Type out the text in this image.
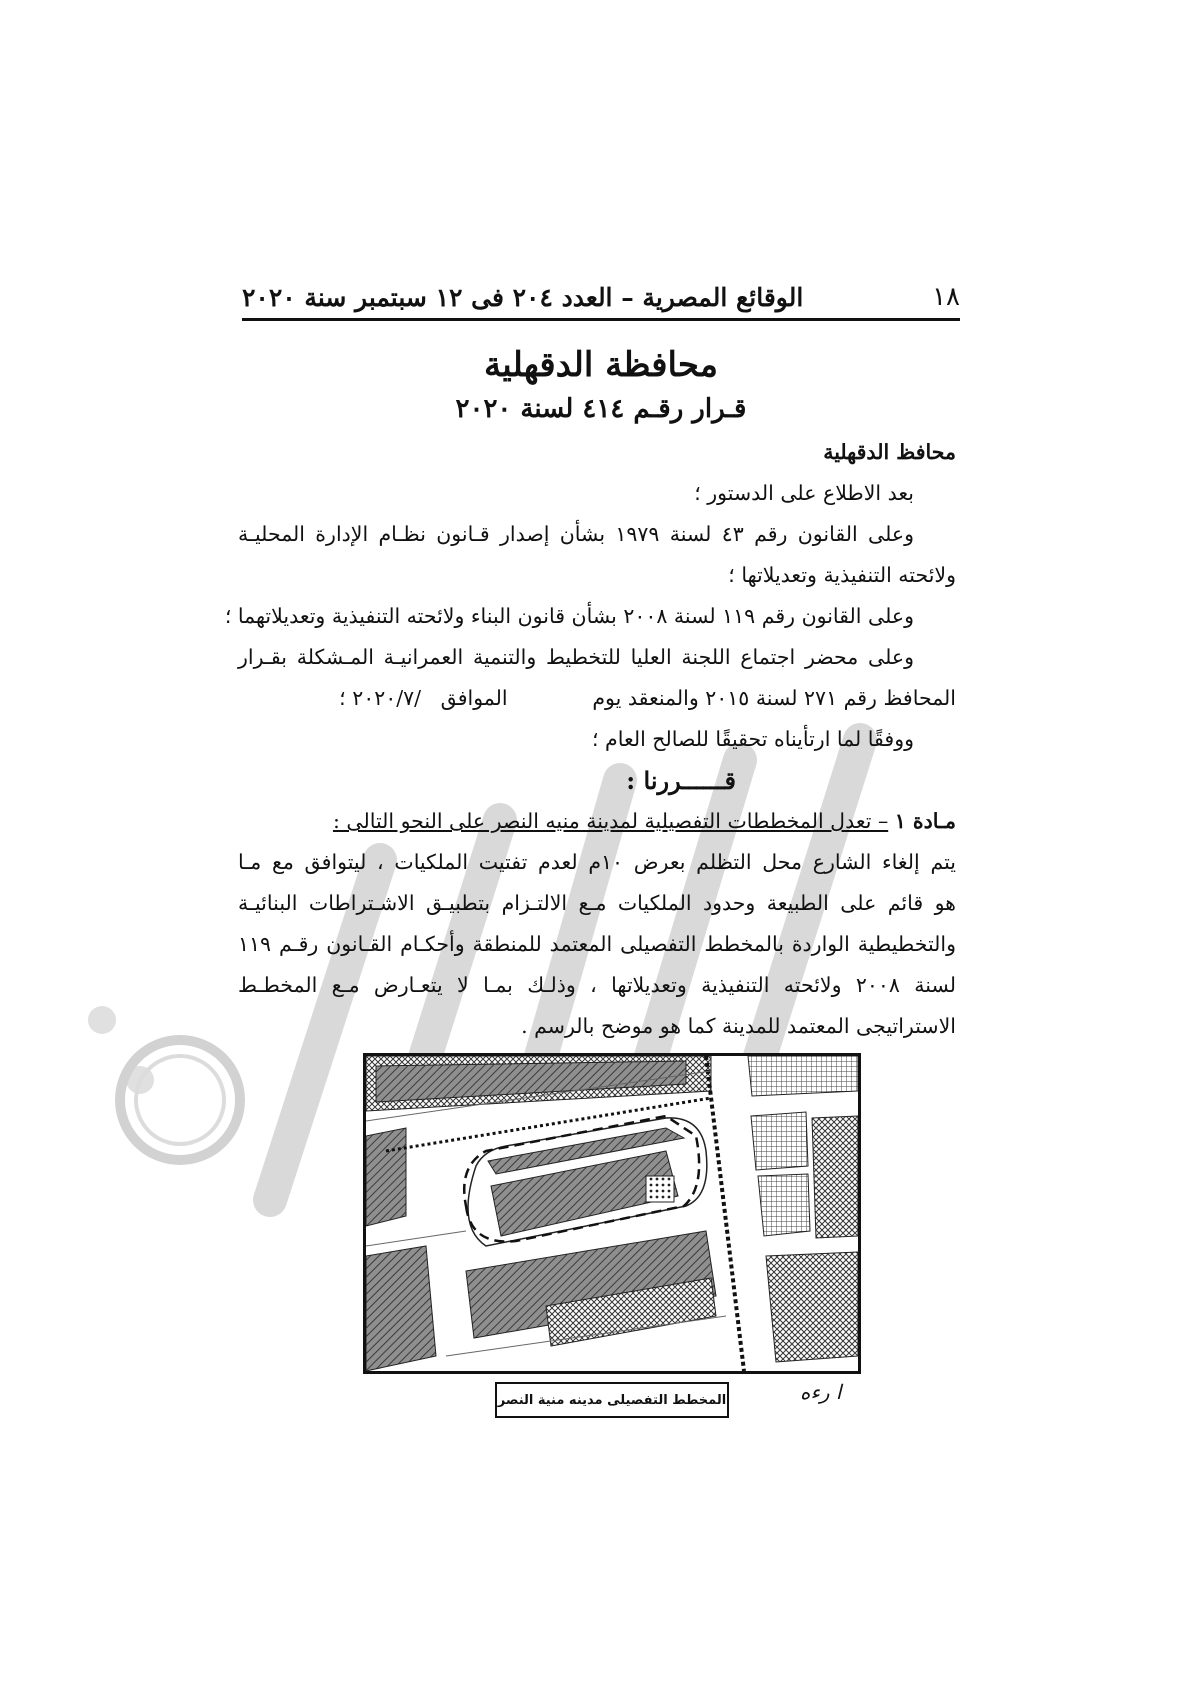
١٨
الوقائع المصرية – العدد ٢٠٤ فى ١٢ سبتمبر سنة ٢٠٢٠
محافظة الدقهلية
قـرار رقـم ٤١٤ لسنة ٢٠٢٠
محافظ الدقهلية
بعد الاطلاع على الدستور ؛
وعلى القانون رقم ٤٣ لسنة ١٩٧٩ بشأن إصدار قـانون نظـام الإدارة المحليـة
ولائحته التنفيذية وتعديلاتها ؛
وعلى القانون رقم ١١٩ لسنة ٢٠٠٨ بشأن قانون البناء ولائحته التنفيذية وتعديلاتهما ؛
وعلى محضر اجتماع اللجنة العليا للتخطيط والتنمية العمرانيـة المـشكلة بقـرار
المحافظ رقم ٢٧١ لسنة ٢٠١٥ والمنعقد يوم             الموافق   /٢٠٢٠/٧ ؛
ووفقًا لما ارتأيناه تحقيقًا للصالح العام ؛
قــــــررنا :
مـادة ١ – تعدل المخططات التفصيلية لمدينة منيه النصر على النحو التالى :
يتم إلغاء الشارع محل التظلم بعرض ١٠م لعدم تفتيت الملكيات ، ليتوافق مع مـا
هو قائم على الطبيعة وحدود الملكيات مـع الالتـزام بتطبيـق الاشـتراطات البنائيـة
والتخطيطية الواردة بالمخطط التفصيلى المعتمد للمنطقة وأحكـام القـانون رقـم ١١٩
لسنة ٢٠٠٨ ولائحته التنفيذية وتعديلاتها ، وذلـك بمـا لا يتعـارض مـع المخطـط
الاستراتيجى المعتمد للمدينة كما هو موضح بالرسم .
المخطط التفصيلى مدينه منية النصر	ا رءه
